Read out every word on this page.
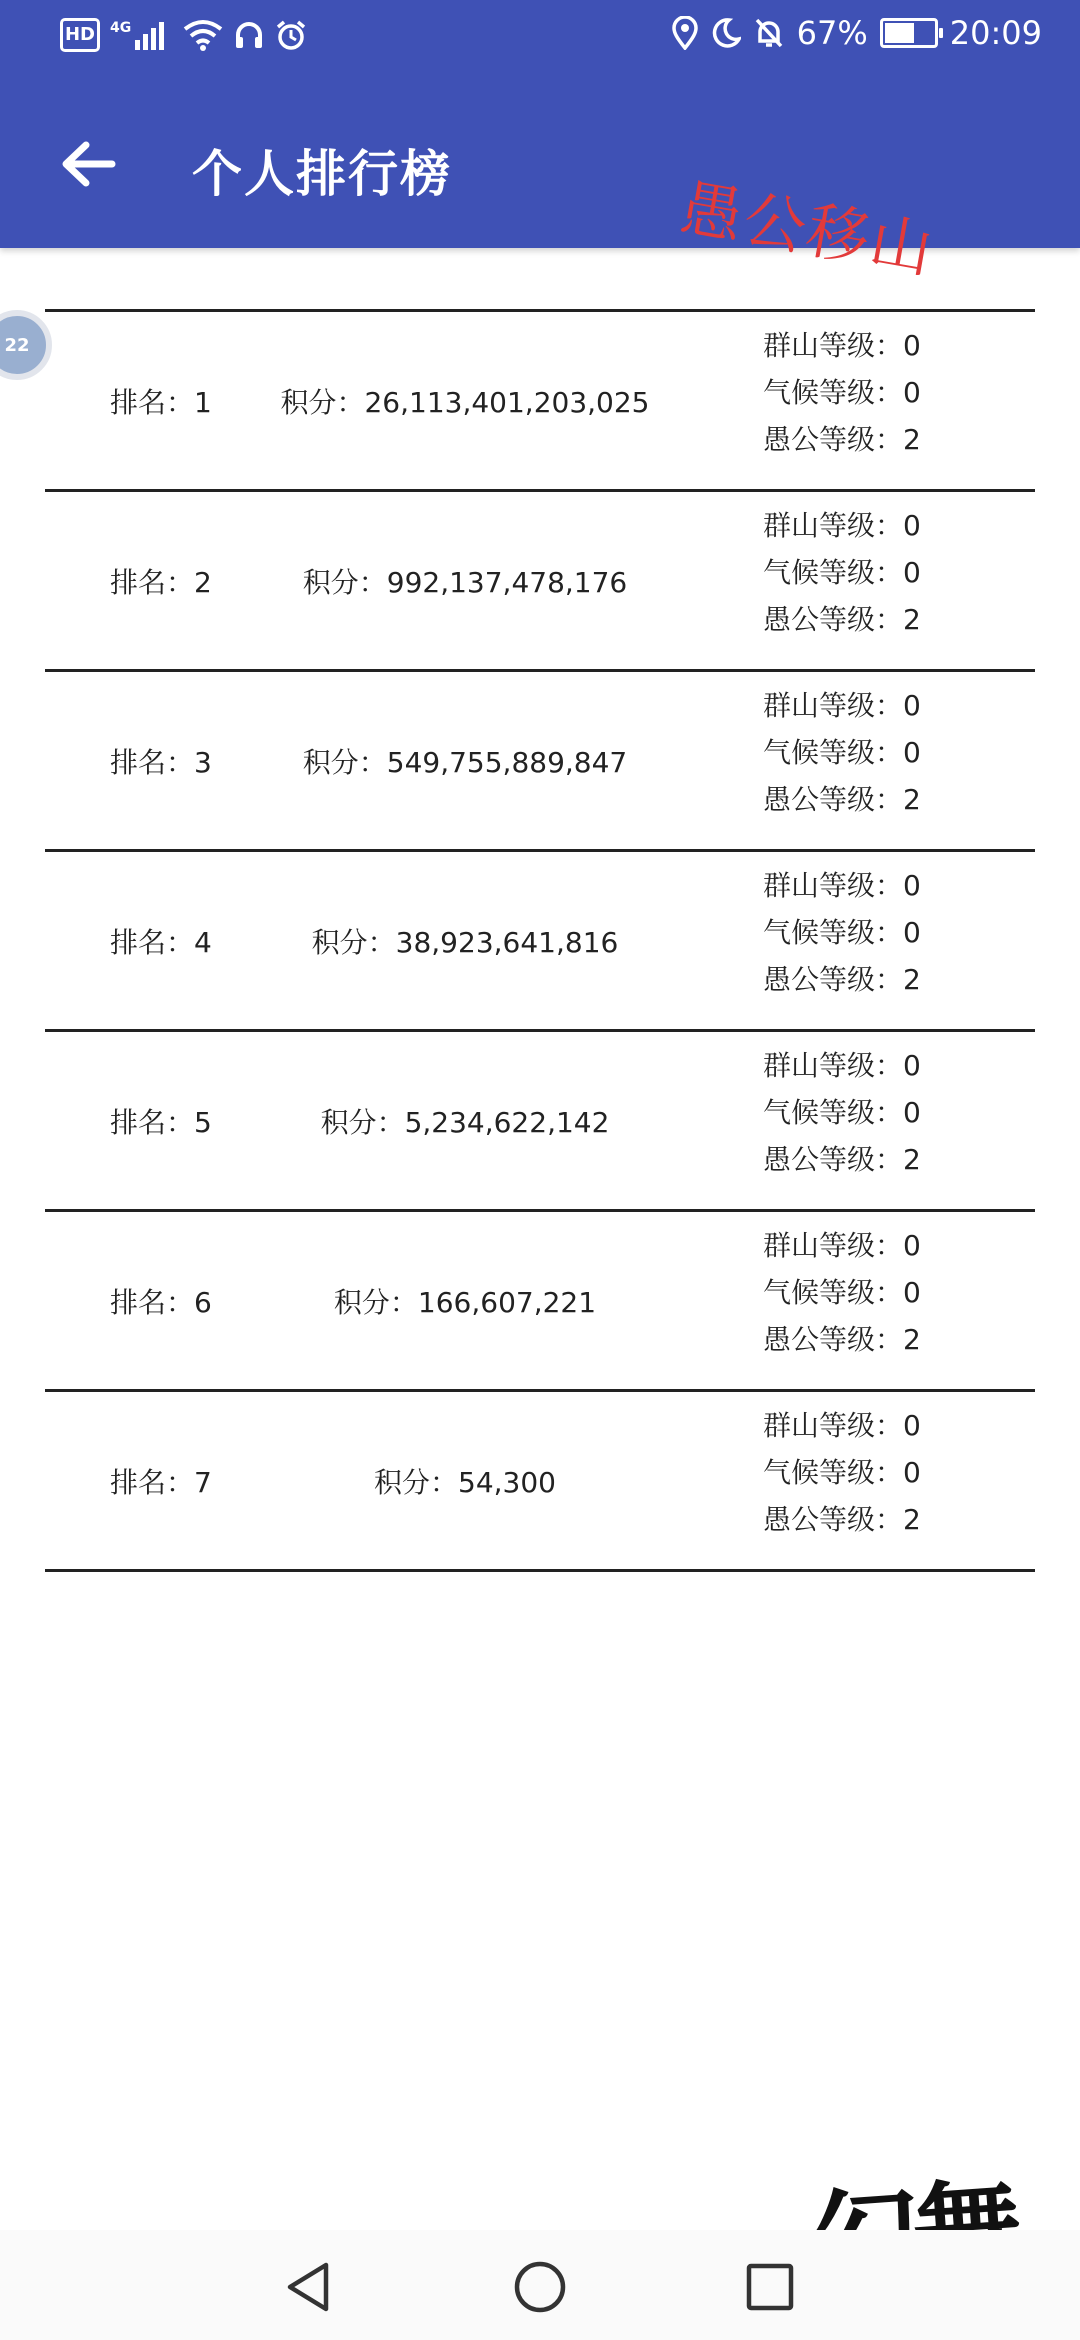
HD	4G	67%	20:09
个人排行榜	愚公移山
22
排名：1 积分：26,113,401,203,025
群山等级：0
气候等级：0
愚公等级：2
排名：2	积分：992,137,478,176
群山等级：0
气候等级：0
愚公等级：2
排名：3	积分：549,755,889,847
群山等级：0
气候等级：0
愚公等级：2
排名：4	积分：38,923,641,816
群山等级：0
气候等级：0
愚公等级：2
排名：5	积分：5,234,622,142
群山等级：0
气候等级：0
愚公等级：2
排名：6	积分：166,607,221
群山等级：0
气候等级：0
愚公等级：2
排名：7	积分：54,300
群山等级：0
气候等级：0
愚公等级：2
